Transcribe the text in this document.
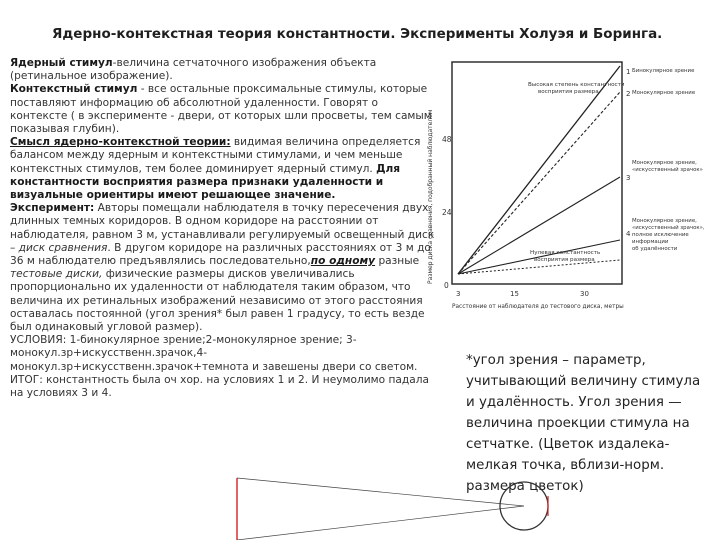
Ядерно-контекстная теория константности. Эксперименты Холуэя и Боринга.

Ядерный стимул-величина сетчаточного изображения объекта (ретинальное изображение).

Контекстный стимул - все остальные проксимальные стимулы, которые поставляют информацию об абсолютной удаленности. Говорят о контексте ( в эксперименте - двери, от которых шли просветы, тем самым показывая глубин).

Смысл ядерно-контекстной теории: видимая величина определяется балансом между ядерным и контекстными стимулами, и чем меньше контекстных стимулов, тем более доминирует ядерный стимул. Для константности восприятия размера признаки удаленности и визуальные ориентиры имеют решающее значение.

Эксперимент: Авторы помещали наблюдателя в точку пересечения двух длинных темных коридоров. В одном коридоре на расстоянии от наблюдателя, равном 3 м, устанавливали регулируемый освещенный диск – диск сравнения. В другом коридоре на различных расстояниях от 3 м до 36 м наблюдателю предъявлялись последовательно,по одному разные тестовые диски, физические размеры дисков увеличивались пропорционально их удаленности от наблюдателя таким образом, что величина их ретинальных изображений независимо от этого расстояния оставалась постоянной (угол зрения* был равен 1 градусу, то есть везде был одинаковый угловой размер).

УСЛОВИЯ: 1-бинокулярное зрение;2-монокулярное зрение; 3-монокул.зр+искусственн.зрачок,4-монокул.зр+искусственн.зрачок+темнота и завешены двери со светом.

ИТОГ: константность была оч хор. на условиях 1 и 2. И неумолимо падала на условиях 3 и 4.

*угол зрения – параметр, учитывающий величину стимула и удалённость. Угол зрения — величина проекции стимула на сетчатке. (Цветок издалека-мелкая точка, вблизи-норм. размера цветок)
Размер диска сравнения, подобранный наблюдателем 48
24
0
Высокая степень константности восприятия размера
Нулевая константность восприятия размера
1
2
3
4
Бинокулярное зрение
Монокулярное зрение
Монокулярное зрение, «искусственный зрачок»
Монокулярное зрение, «искусственный зрачок», полное исключение информации об удалённости
3	15	30
Расстояние от наблюдателя до тестового диска, метры
